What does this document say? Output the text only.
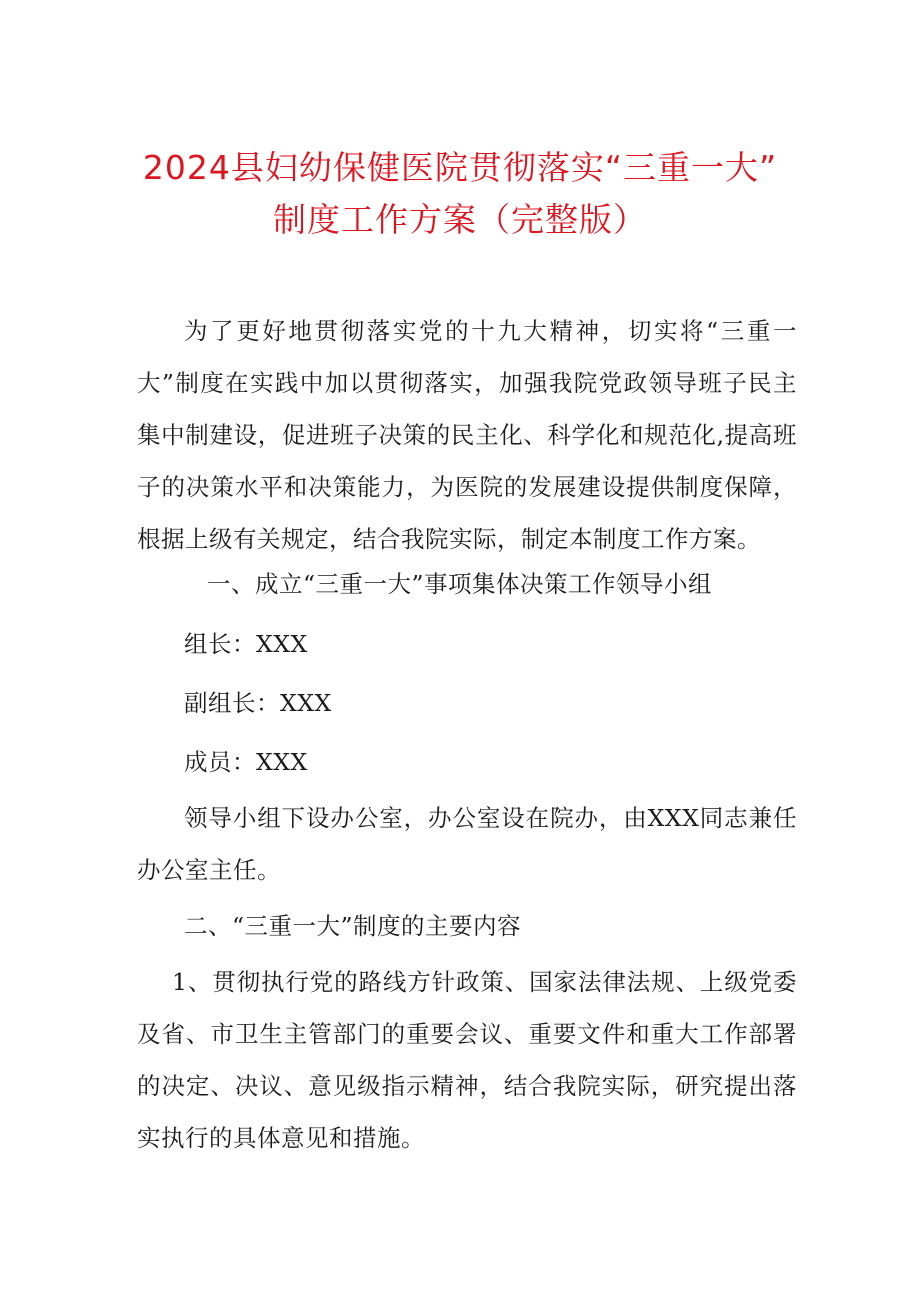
2024县妇幼保健医院贯彻落实“三重一大”
制度工作方案（完整版）
为了更好地贯彻落实党的十九大精神，切实将“三重一大”制度在实践中加以贯彻落实，加强我院党政领导班子民主集中制建设，促进班子决策的民主化、科学化和规范化,提高班子的决策水平和决策能力，为医院的发展建设提供制度保障，根据上级有关规定，结合我院实际，制定本制度工作方案。
一、成立“三重一大”事项集体决策工作领导小组
组长：XXX
副组长：XXX
成员：XXX
领导小组下设办公室，办公室设在院办，由XXX同志兼任办公室主任。
二、“三重一大”制度的主要内容
1、贯彻执行党的路线方针政策、国家法律法规、上级党委及省、市卫生主管部门的重要会议、重要文件和重大工作部署的决定、决议、意见级指示精神，结合我院实际，研究提出落实执行的具体意见和措施。
